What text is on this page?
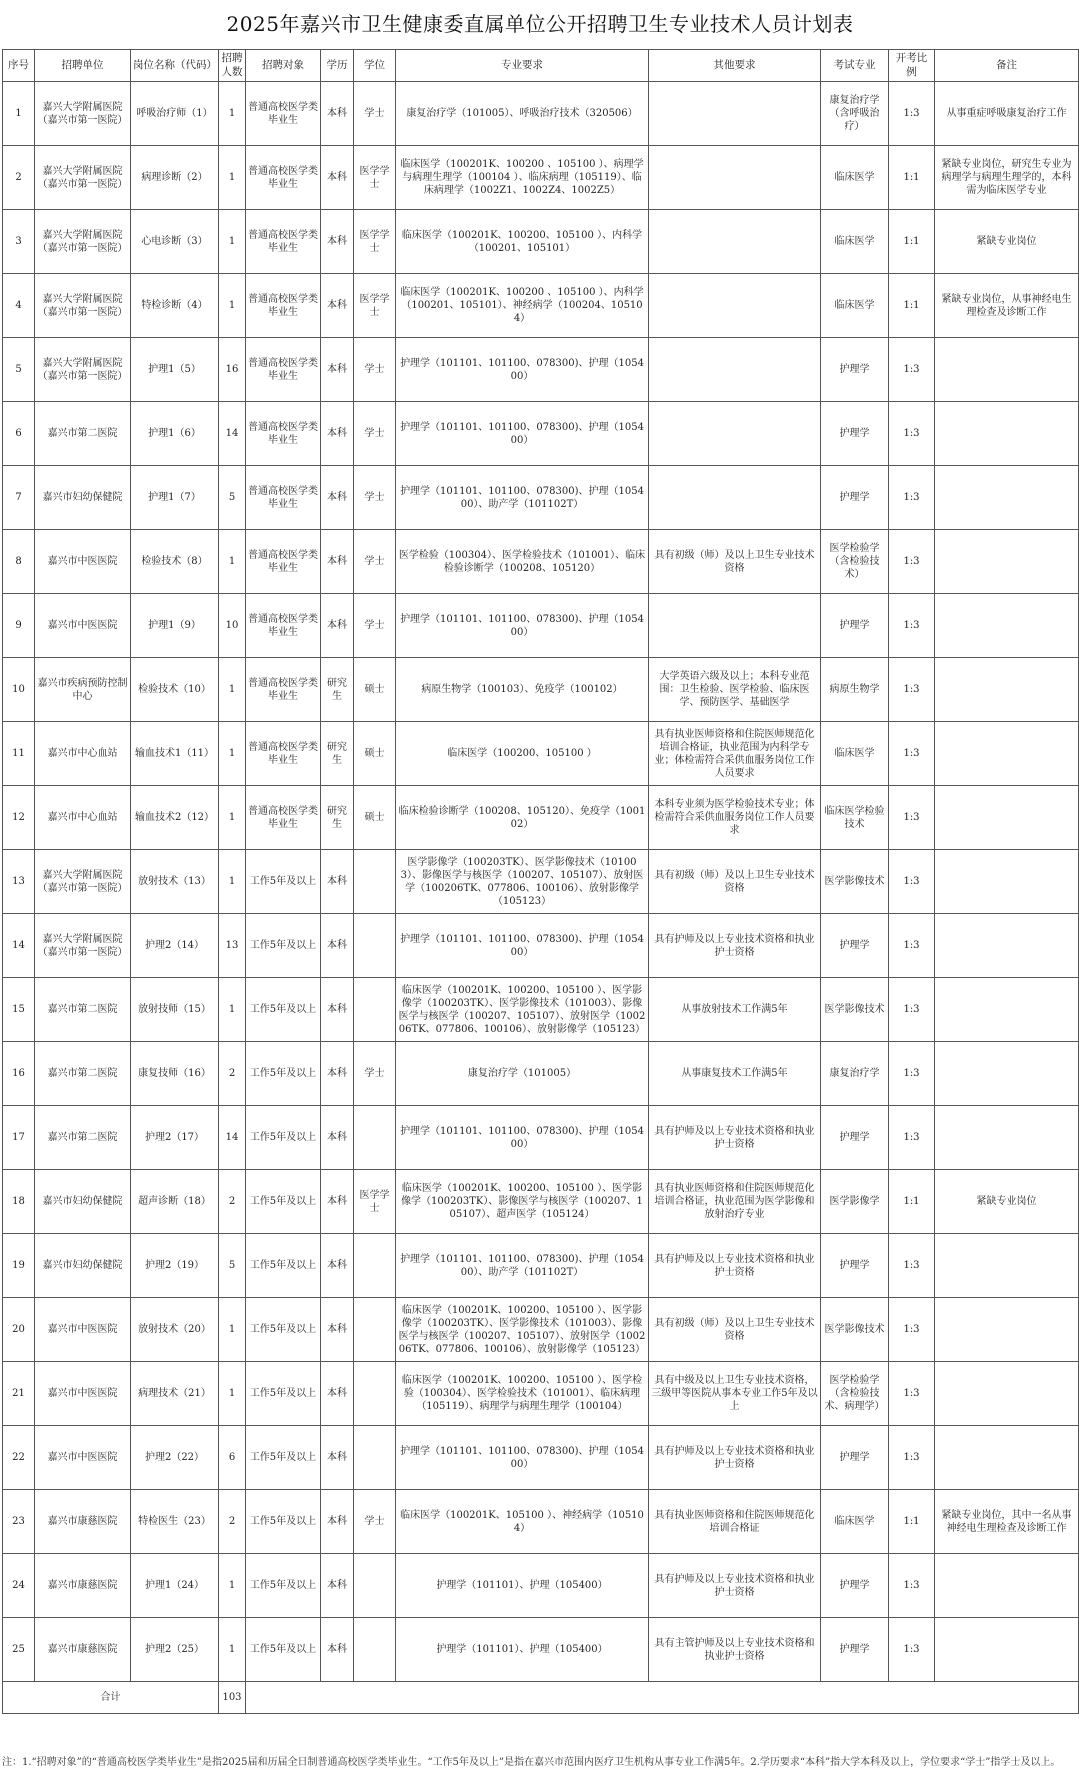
2025年嘉兴市卫生健康委直属单位公开招聘卫生专业技术人员计划表
序号	招聘单位	岗位名称（代码）	招聘人数	招聘对象	学历	学位	专业要求	其他要求	考试专业	开考比例	备注
1	嘉兴大学附属医院（嘉兴市第一医院）	呼吸治疗师（1）	1	普通高校医学类毕业生	本科	学士	康复治疗学（101005）、呼吸治疗技术（320506）		康复治疗学（含呼吸治疗）	1:3	从事重症呼吸康复治疗工作
2	嘉兴大学附属医院（嘉兴市第一医院）	病理诊断（2）	1	普通高校医学类毕业生	本科	医学学士	临床医学（100201K、100200 、105100 ）、病理学与病理生理学（100104 ）、临床病理（105119）、临床病理学（1002Z1、1002Z4、1002Z5）		临床医学	1:1	紧缺专业岗位，研究生专业为病理学与病理生理学的，本科需为临床医学专业
3	嘉兴大学附属医院（嘉兴市第一医院）	心电诊断（3）	1	普通高校医学类毕业生	本科	医学学士	临床医学（100201K、100200、105100 ）、内科学（100201、105101）		临床医学	1:1	紧缺专业岗位
4	嘉兴大学附属医院（嘉兴市第一医院）	特检诊断（4）	1	普通高校医学类毕业生	本科	医学学士	临床医学（100201K、100200 、105100 ）、内科学（100201、105101）、神经病学（100204、105104）		临床医学	1:1	紧缺专业岗位，从事神经电生理检查及诊断工作
5	嘉兴大学附属医院（嘉兴市第一医院）	护理1（5）	16	普通高校医学类毕业生	本科	学士	护理学（101101、101100、078300)、护理（105400）		护理学	1:3	
6	嘉兴市第二医院	护理1（6）	14	普通高校医学类毕业生	本科	学士	护理学（101101、101100、078300)、护理（105400）		护理学	1:3	
7	嘉兴市妇幼保健院	护理1（7）	5	普通高校医学类毕业生	本科	学士	护理学（101101、101100、078300)、护理（105400）、助产学（101102T）		护理学	1:3	
8	嘉兴市中医医院	检验技术（8）	1	普通高校医学类毕业生	本科	学士	医学检验（100304）、医学检验技术（101001）、临床检验诊断学（100208、105120）	具有初级（师）及以上卫生专业技术资格	医学检验学（含检验技术）	1:3	
9	嘉兴市中医医院	护理1（9）	10	普通高校医学类毕业生	本科	学士	护理学（101101、101100、078300)、护理（105400）		护理学	1:3	
10	嘉兴市疾病预防控制中心	检验技术（10）	1	普通高校医学类毕业生	研究生	硕士	病原生物学（100103）、免疫学（100102）	大学英语六级及以上；本科专业范围：卫生检验、医学检验、临床医学、预防医学、基础医学	病原生物学	1:3	
11	嘉兴市中心血站	输血技术1（11）	1	普通高校医学类毕业生	研究生	硕士	临床医学（100200、105100 ）	具有执业医师资格和住院医师规范化培训合格证，执业范围为内科学专业；体检需符合采供血服务岗位工作人员要求	临床医学	1:3	
12	嘉兴市中心血站	输血技术2（12）	1	普通高校医学类毕业生	研究生	硕士	临床检验诊断学（100208、105120）、免疫学（100102）	本科专业须为医学检验技术专业；体检需符合采供血服务岗位工作人员要求	临床医学检验技术	1:3	
13	嘉兴大学附属医院（嘉兴市第一医院）	放射技术（13）	1	工作5年及以上	本科		医学影像学（100203TK）、医学影像技术（101003）、影像医学与核医学（100207、105107）、放射医学（100206TK、077806、100106）、放射影像学（105123）	具有初级（师）及以上卫生专业技术资格	医学影像技术	1:3	
14	嘉兴大学附属医院（嘉兴市第一医院）	护理2（14）	13	工作5年及以上	本科		护理学（101101、101100、078300)、护理（105400）	具有护师及以上专业技术资格和执业护士资格	护理学	1:3	
15	嘉兴市第二医院	放射技师（15）	1	工作5年及以上	本科		临床医学（100201K、100200、105100 ）、医学影像学（100203TK）、医学影像技术（101003）、影像医学与核医学（100207、105107）、放射医学（100206TK、077806、100106）、放射影像学（105123）	从事放射技术工作满5年	医学影像技术	1:3	
16	嘉兴市第二医院	康复技师（16）	2	工作5年及以上	本科	学士	康复治疗学（101005）	从事康复技术工作满5年	康复治疗学	1:3	
17	嘉兴市第二医院	护理2（17）	14	工作5年及以上	本科		护理学（101101、101100、078300)、护理（105400）	具有护师及以上专业技术资格和执业护士资格	护理学	1:3	
18	嘉兴市妇幼保健院	超声诊断（18）	2	工作5年及以上	本科	医学学士	临床医学（100201K、100200、105100 ）、医学影像学（100203TK）、影像医学与核医学（100207、105107）、超声医学（105124）	具有执业医师资格和住院医师规范化培训合格证，执业范围为医学影像和放射治疗专业	医学影像学	1:1	紧缺专业岗位
19	嘉兴市妇幼保健院	护理2（19）	5	工作5年及以上	本科		护理学（101101、101100、078300)、护理（105400）、助产学（101102T）	具有护师及以上专业技术资格和执业护士资格	护理学	1:3	
20	嘉兴市中医医院	放射技术（20）	1	工作5年及以上	本科		临床医学（100201K、100200、105100 ）、医学影像学（100203TK）、医学影像技术（101003）、影像医学与核医学（100207、105107）、放射医学（100206TK、077806、100106）、放射影像学（105123）	具有初级（师）及以上卫生专业技术资格	医学影像技术	1:3	
21	嘉兴市中医医院	病理技术（21）	1	工作5年及以上	本科		临床医学（100201K、100200、105100 ）、医学检验（100304）、医学检验技术（101001）、临床病理（105119）、病理学与病理生理学（100104）	具有中级及以上卫生专业技术资格，三级甲等医院从事本专业工作5年及以上	医学检验学（含检验技术、病理学）	1:3	
22	嘉兴市中医医院	护理2（22）	6	工作5年及以上	本科		护理学（101101、101100、078300)、护理（105400）	具有护师及以上专业技术资格和执业护士资格	护理学	1:3	
23	嘉兴市康慈医院	特检医生（23）	2	工作5年及以上	本科	学士	临床医学（100201K、105100 ）、神经病学（105104）	具有执业医师资格和住院医师规范化培训合格证	临床医学	1:1	紧缺专业岗位，其中一名从事神经电生理检查及诊断工作
24	嘉兴市康慈医院	护理1（24）	1	工作5年及以上	本科		护理学（101101）、护理（105400）	具有护师及以上专业技术资格和执业护士资格	护理学	1:3	
25	嘉兴市康慈医院	护理2（25）	1	工作5年及以上	本科		护理学（101101）、护理（105400）	具有主管护师及以上专业技术资格和执业护士资格	护理学	1:3	
合计			103								
注：1.“招聘对象”的“普通高校医学类毕业生”是指2025届和历届全日制普通高校医学类毕业生。“工作5年及以上”是指在嘉兴市范围内医疗卫生机构从事专业工作满5年。2.学历要求“本科”指大学本科及以上，学位要求“学士”指学士及以上。
